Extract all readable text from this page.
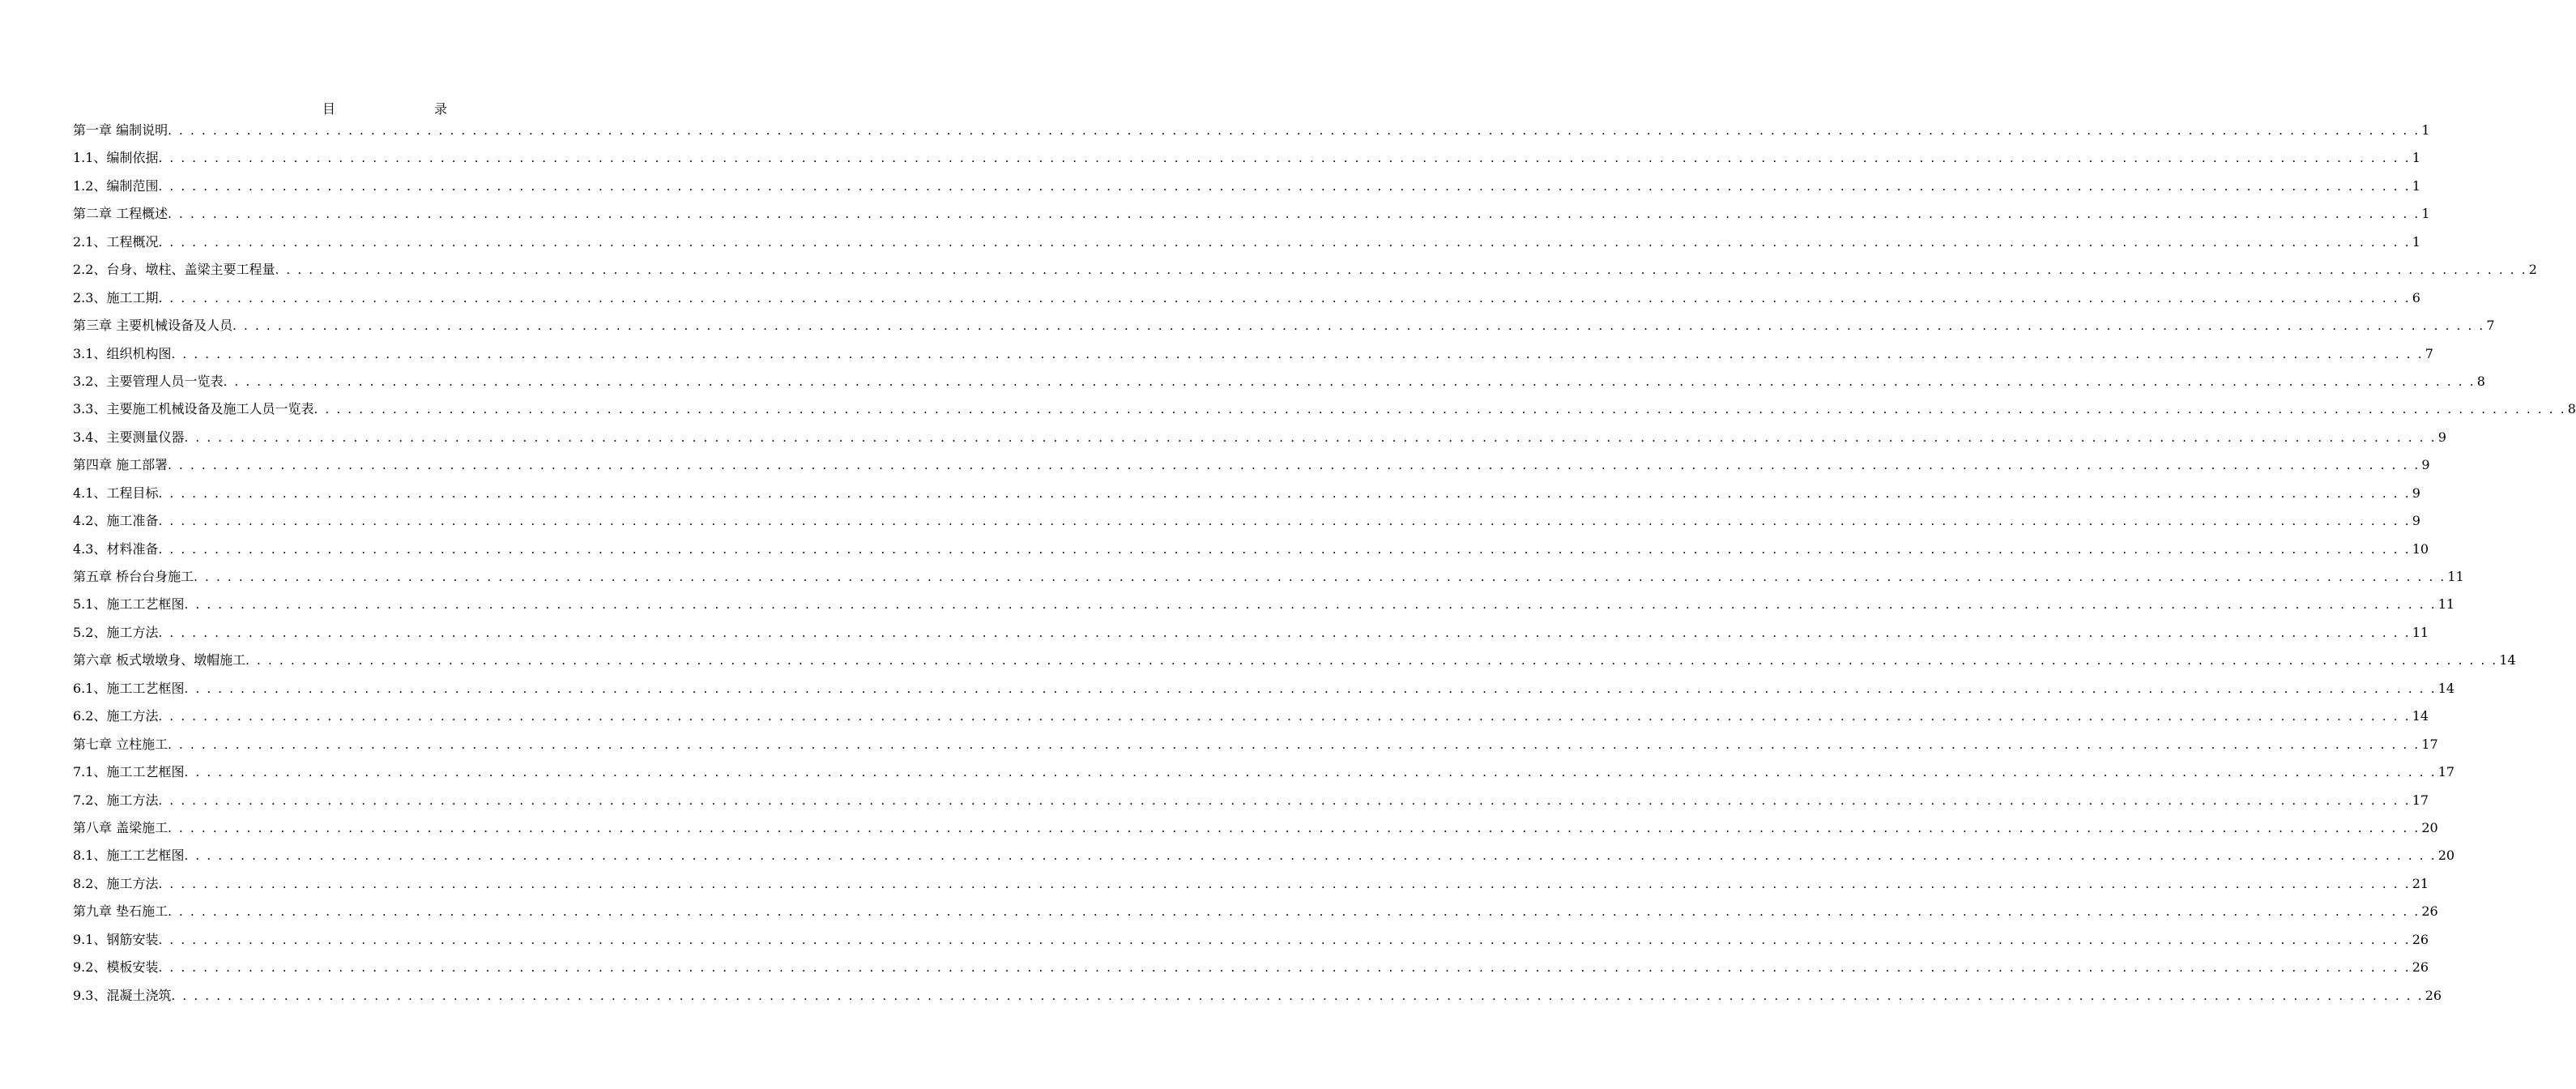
目　　录
第一章 编制说明 . . . . . . . . . . . . . . . . . . . . . . . . . . . . . . . . . . . . . . . . . . . . . . . . . . . . . . . . . . . . . . . . . . . . . . . . . . . . . . . . . . . . . . . . . . . . . . . . . . . . . . . . . . . . . . . . . . . . . . . . . . . . . . . . . . . . . . . . . . . . . . . . . . . . . . . . . . . . . . . . . . . . . . . . . . . . . . . . . . . . . . . . . . . . . . . . . . . . . . . . 1
1.1、编制依据 . . . . . . . . . . . . . . . . . . . . . . . . . . . . . . . . . . . . . . . . . . . . . . . . . . . . . . . . . . . . . . . . . . . . . . . . . . . . . . . . . . . . . . . . . . . . . . . . . . . . . . . . . . . . . . . . . . . . . . . . . . . . . . . . . . . . . . . . . . . . . . . . . . . . . . . . . . . . . . . . . . . . . . . . . . . . . . . . . . . . . . . . . . . . . . . . . . . . . . . . 1
1.2、编制范围 . . . . . . . . . . . . . . . . . . . . . . . . . . . . . . . . . . . . . . . . . . . . . . . . . . . . . . . . . . . . . . . . . . . . . . . . . . . . . . . . . . . . . . . . . . . . . . . . . . . . . . . . . . . . . . . . . . . . . . . . . . . . . . . . . . . . . . . . . . . . . . . . . . . . . . . . . . . . . . . . . . . . . . . . . . . . . . . . . . . . . . . . . . . . . . . . . . . . . . . . 1
第二章 工程概述 . . . . . . . . . . . . . . . . . . . . . . . . . . . . . . . . . . . . . . . . . . . . . . . . . . . . . . . . . . . . . . . . . . . . . . . . . . . . . . . . . . . . . . . . . . . . . . . . . . . . . . . . . . . . . . . . . . . . . . . . . . . . . . . . . . . . . . . . . . . . . . . . . . . . . . . . . . . . . . . . . . . . . . . . . . . . . . . . . . . . . . . . . . . . . . . . . . . . . . . . 1
2.1、工程概况 . . . . . . . . . . . . . . . . . . . . . . . . . . . . . . . . . . . . . . . . . . . . . . . . . . . . . . . . . . . . . . . . . . . . . . . . . . . . . . . . . . . . . . . . . . . . . . . . . . . . . . . . . . . . . . . . . . . . . . . . . . . . . . . . . . . . . . . . . . . . . . . . . . . . . . . . . . . . . . . . . . . . . . . . . . . . . . . . . . . . . . . . . . . . . . . . . . . . . . . . 1
2.2、台身、墩柱、盖梁主要工程量 . . . . . . . . . . . . . . . . . . . . . . . . . . . . . . . . . . . . . . . . . . . . . . . . . . . . . . . . . . . . . . . . . . . . . . . . . . . . . . . . . . . . . . . . . . . . . . . . . . . . . . . . . . . . . . . . . . . . . . . . . . . . . . . . . . . . . . . . . . . . . . . . . . . . . . . . . . . . . . . . . . . . . . . . . . . . . . . . . . . . . . . . . . . . . . . . . . . . . . . . 2
2.3、施工工期 . . . . . . . . . . . . . . . . . . . . . . . . . . . . . . . . . . . . . . . . . . . . . . . . . . . . . . . . . . . . . . . . . . . . . . . . . . . . . . . . . . . . . . . . . . . . . . . . . . . . . . . . . . . . . . . . . . . . . . . . . . . . . . . . . . . . . . . . . . . . . . . . . . . . . . . . . . . . . . . . . . . . . . . . . . . . . . . . . . . . . . . . . . . . . . . . . . . . . . . . 6
第三章 主要机械设备及人员 . . . . . . . . . . . . . . . . . . . . . . . . . . . . . . . . . . . . . . . . . . . . . . . . . . . . . . . . . . . . . . . . . . . . . . . . . . . . . . . . . . . . . . . . . . . . . . . . . . . . . . . . . . . . . . . . . . . . . . . . . . . . . . . . . . . . . . . . . . . . . . . . . . . . . . . . . . . . . . . . . . . . . . . . . . . . . . . . . . . . . . . . . . . . . . . . . . . . . . . . 7
3.1、组织机构图 . . . . . . . . . . . . . . . . . . . . . . . . . . . . . . . . . . . . . . . . . . . . . . . . . . . . . . . . . . . . . . . . . . . . . . . . . . . . . . . . . . . . . . . . . . . . . . . . . . . . . . . . . . . . . . . . . . . . . . . . . . . . . . . . . . . . . . . . . . . . . . . . . . . . . . . . . . . . . . . . . . . . . . . . . . . . . . . . . . . . . . . . . . . . . . . . . . . . . . . . 7
3.2、主要管理人员一览表 . . . . . . . . . . . . . . . . . . . . . . . . . . . . . . . . . . . . . . . . . . . . . . . . . . . . . . . . . . . . . . . . . . . . . . . . . . . . . . . . . . . . . . . . . . . . . . . . . . . . . . . . . . . . . . . . . . . . . . . . . . . . . . . . . . . . . . . . . . . . . . . . . . . . . . . . . . . . . . . . . . . . . . . . . . . . . . . . . . . . . . . . . . . . . . . . . . . . . . . . 8
3.3、主要施工机械设备及施工人员一览表 . . . . . . . . . . . . . . . . . . . . . . . . . . . . . . . . . . . . . . . . . . . . . . . . . . . . . . . . . . . . . . . . . . . . . . . . . . . . . . . . . . . . . . . . . . . . . . . . . . . . . . . . . . . . . . . . . . . . . . . . . . . . . . . . . . . . . . . . . . . . . . . . . . . . . . . . . . . . . . . . . . . . . . . . . . . . . . . . . . . . . . . . . . . . . . . . . . . . . . . . 8
3.4、主要测量仪器 . . . . . . . . . . . . . . . . . . . . . . . . . . . . . . . . . . . . . . . . . . . . . . . . . . . . . . . . . . . . . . . . . . . . . . . . . . . . . . . . . . . . . . . . . . . . . . . . . . . . . . . . . . . . . . . . . . . . . . . . . . . . . . . . . . . . . . . . . . . . . . . . . . . . . . . . . . . . . . . . . . . . . . . . . . . . . . . . . . . . . . . . . . . . . . . . . . . . . . . . 9
第四章 施工部署 . . . . . . . . . . . . . . . . . . . . . . . . . . . . . . . . . . . . . . . . . . . . . . . . . . . . . . . . . . . . . . . . . . . . . . . . . . . . . . . . . . . . . . . . . . . . . . . . . . . . . . . . . . . . . . . . . . . . . . . . . . . . . . . . . . . . . . . . . . . . . . . . . . . . . . . . . . . . . . . . . . . . . . . . . . . . . . . . . . . . . . . . . . . . . . . . . . . . . . . . 9
4.1、工程目标 . . . . . . . . . . . . . . . . . . . . . . . . . . . . . . . . . . . . . . . . . . . . . . . . . . . . . . . . . . . . . . . . . . . . . . . . . . . . . . . . . . . . . . . . . . . . . . . . . . . . . . . . . . . . . . . . . . . . . . . . . . . . . . . . . . . . . . . . . . . . . . . . . . . . . . . . . . . . . . . . . . . . . . . . . . . . . . . . . . . . . . . . . . . . . . . . . . . . . . . . 9
4.2、施工准备 . . . . . . . . . . . . . . . . . . . . . . . . . . . . . . . . . . . . . . . . . . . . . . . . . . . . . . . . . . . . . . . . . . . . . . . . . . . . . . . . . . . . . . . . . . . . . . . . . . . . . . . . . . . . . . . . . . . . . . . . . . . . . . . . . . . . . . . . . . . . . . . . . . . . . . . . . . . . . . . . . . . . . . . . . . . . . . . . . . . . . . . . . . . . . . . . . . . . . . . . 9
4.3、材料准备 . . . . . . . . . . . . . . . . . . . . . . . . . . . . . . . . . . . . . . . . . . . . . . . . . . . . . . . . . . . . . . . . . . . . . . . . . . . . . . . . . . . . . . . . . . . . . . . . . . . . . . . . . . . . . . . . . . . . . . . . . . . . . . . . . . . . . . . . . . . . . . . . . . . . . . . . . . . . . . . . . . . . . . . . . . . . . . . . . . . . . . . . . . . . . . . . . . . . . . . . 10
第五章 桥台台身施工 . . . . . . . . . . . . . . . . . . . . . . . . . . . . . . . . . . . . . . . . . . . . . . . . . . . . . . . . . . . . . . . . . . . . . . . . . . . . . . . . . . . . . . . . . . . . . . . . . . . . . . . . . . . . . . . . . . . . . . . . . . . . . . . . . . . . . . . . . . . . . . . . . . . . . . . . . . . . . . . . . . . . . . . . . . . . . . . . . . . . . . . . . . . . . . . . . . . . . . . . 11
5.1、施工工艺框图 . . . . . . . . . . . . . . . . . . . . . . . . . . . . . . . . . . . . . . . . . . . . . . . . . . . . . . . . . . . . . . . . . . . . . . . . . . . . . . . . . . . . . . . . . . . . . . . . . . . . . . . . . . . . . . . . . . . . . . . . . . . . . . . . . . . . . . . . . . . . . . . . . . . . . . . . . . . . . . . . . . . . . . . . . . . . . . . . . . . . . . . . . . . . . . . . . . . . . . . . 11
5.2、施工方法 . . . . . . . . . . . . . . . . . . . . . . . . . . . . . . . . . . . . . . . . . . . . . . . . . . . . . . . . . . . . . . . . . . . . . . . . . . . . . . . . . . . . . . . . . . . . . . . . . . . . . . . . . . . . . . . . . . . . . . . . . . . . . . . . . . . . . . . . . . . . . . . . . . . . . . . . . . . . . . . . . . . . . . . . . . . . . . . . . . . . . . . . . . . . . . . . . . . . . . . . 11
第六章 板式墩墩身、墩帽施工 . . . . . . . . . . . . . . . . . . . . . . . . . . . . . . . . . . . . . . . . . . . . . . . . . . . . . . . . . . . . . . . . . . . . . . . . . . . . . . . . . . . . . . . . . . . . . . . . . . . . . . . . . . . . . . . . . . . . . . . . . . . . . . . . . . . . . . . . . . . . . . . . . . . . . . . . . . . . . . . . . . . . . . . . . . . . . . . . . . . . . . . . . . . . . . . . . . . . . . . . 14
6.1、施工工艺框图 . . . . . . . . . . . . . . . . . . . . . . . . . . . . . . . . . . . . . . . . . . . . . . . . . . . . . . . . . . . . . . . . . . . . . . . . . . . . . . . . . . . . . . . . . . . . . . . . . . . . . . . . . . . . . . . . . . . . . . . . . . . . . . . . . . . . . . . . . . . . . . . . . . . . . . . . . . . . . . . . . . . . . . . . . . . . . . . . . . . . . . . . . . . . . . . . . . . . . . . . 14
6.2、施工方法 . . . . . . . . . . . . . . . . . . . . . . . . . . . . . . . . . . . . . . . . . . . . . . . . . . . . . . . . . . . . . . . . . . . . . . . . . . . . . . . . . . . . . . . . . . . . . . . . . . . . . . . . . . . . . . . . . . . . . . . . . . . . . . . . . . . . . . . . . . . . . . . . . . . . . . . . . . . . . . . . . . . . . . . . . . . . . . . . . . . . . . . . . . . . . . . . . . . . . . . . 14
第七章 立柱施工 . . . . . . . . . . . . . . . . . . . . . . . . . . . . . . . . . . . . . . . . . . . . . . . . . . . . . . . . . . . . . . . . . . . . . . . . . . . . . . . . . . . . . . . . . . . . . . . . . . . . . . . . . . . . . . . . . . . . . . . . . . . . . . . . . . . . . . . . . . . . . . . . . . . . . . . . . . . . . . . . . . . . . . . . . . . . . . . . . . . . . . . . . . . . . . . . . . . . . . . . 17
7.1、施工工艺框图 . . . . . . . . . . . . . . . . . . . . . . . . . . . . . . . . . . . . . . . . . . . . . . . . . . . . . . . . . . . . . . . . . . . . . . . . . . . . . . . . . . . . . . . . . . . . . . . . . . . . . . . . . . . . . . . . . . . . . . . . . . . . . . . . . . . . . . . . . . . . . . . . . . . . . . . . . . . . . . . . . . . . . . . . . . . . . . . . . . . . . . . . . . . . . . . . . . . . . . . . 17
7.2、施工方法 . . . . . . . . . . . . . . . . . . . . . . . . . . . . . . . . . . . . . . . . . . . . . . . . . . . . . . . . . . . . . . . . . . . . . . . . . . . . . . . . . . . . . . . . . . . . . . . . . . . . . . . . . . . . . . . . . . . . . . . . . . . . . . . . . . . . . . . . . . . . . . . . . . . . . . . . . . . . . . . . . . . . . . . . . . . . . . . . . . . . . . . . . . . . . . . . . . . . . . . . 17
第八章 盖梁施工 . . . . . . . . . . . . . . . . . . . . . . . . . . . . . . . . . . . . . . . . . . . . . . . . . . . . . . . . . . . . . . . . . . . . . . . . . . . . . . . . . . . . . . . . . . . . . . . . . . . . . . . . . . . . . . . . . . . . . . . . . . . . . . . . . . . . . . . . . . . . . . . . . . . . . . . . . . . . . . . . . . . . . . . . . . . . . . . . . . . . . . . . . . . . . . . . . . . . . . . . 20
8.1、施工工艺框图 . . . . . . . . . . . . . . . . . . . . . . . . . . . . . . . . . . . . . . . . . . . . . . . . . . . . . . . . . . . . . . . . . . . . . . . . . . . . . . . . . . . . . . . . . . . . . . . . . . . . . . . . . . . . . . . . . . . . . . . . . . . . . . . . . . . . . . . . . . . . . . . . . . . . . . . . . . . . . . . . . . . . . . . . . . . . . . . . . . . . . . . . . . . . . . . . . . . . . . . . 20
8.2、施工方法 . . . . . . . . . . . . . . . . . . . . . . . . . . . . . . . . . . . . . . . . . . . . . . . . . . . . . . . . . . . . . . . . . . . . . . . . . . . . . . . . . . . . . . . . . . . . . . . . . . . . . . . . . . . . . . . . . . . . . . . . . . . . . . . . . . . . . . . . . . . . . . . . . . . . . . . . . . . . . . . . . . . . . . . . . . . . . . . . . . . . . . . . . . . . . . . . . . . . . . . . 21
第九章 垫石施工 . . . . . . . . . . . . . . . . . . . . . . . . . . . . . . . . . . . . . . . . . . . . . . . . . . . . . . . . . . . . . . . . . . . . . . . . . . . . . . . . . . . . . . . . . . . . . . . . . . . . . . . . . . . . . . . . . . . . . . . . . . . . . . . . . . . . . . . . . . . . . . . . . . . . . . . . . . . . . . . . . . . . . . . . . . . . . . . . . . . . . . . . . . . . . . . . . . . . . . . . 26
9.1、钢筋安装 . . . . . . . . . . . . . . . . . . . . . . . . . . . . . . . . . . . . . . . . . . . . . . . . . . . . . . . . . . . . . . . . . . . . . . . . . . . . . . . . . . . . . . . . . . . . . . . . . . . . . . . . . . . . . . . . . . . . . . . . . . . . . . . . . . . . . . . . . . . . . . . . . . . . . . . . . . . . . . . . . . . . . . . . . . . . . . . . . . . . . . . . . . . . . . . . . . . . . . . . 26
9.2、模板安装 . . . . . . . . . . . . . . . . . . . . . . . . . . . . . . . . . . . . . . . . . . . . . . . . . . . . . . . . . . . . . . . . . . . . . . . . . . . . . . . . . . . . . . . . . . . . . . . . . . . . . . . . . . . . . . . . . . . . . . . . . . . . . . . . . . . . . . . . . . . . . . . . . . . . . . . . . . . . . . . . . . . . . . . . . . . . . . . . . . . . . . . . . . . . . . . . . . . . . . . . 26
9.3、混凝土浇筑 . . . . . . . . . . . . . . . . . . . . . . . . . . . . . . . . . . . . . . . . . . . . . . . . . . . . . . . . . . . . . . . . . . . . . . . . . . . . . . . . . . . . . . . . . . . . . . . . . . . . . . . . . . . . . . . . . . . . . . . . . . . . . . . . . . . . . . . . . . . . . . . . . . . . . . . . . . . . . . . . . . . . . . . . . . . . . . . . . . . . . . . . . . . . . . . . . . . . . . . . 26
